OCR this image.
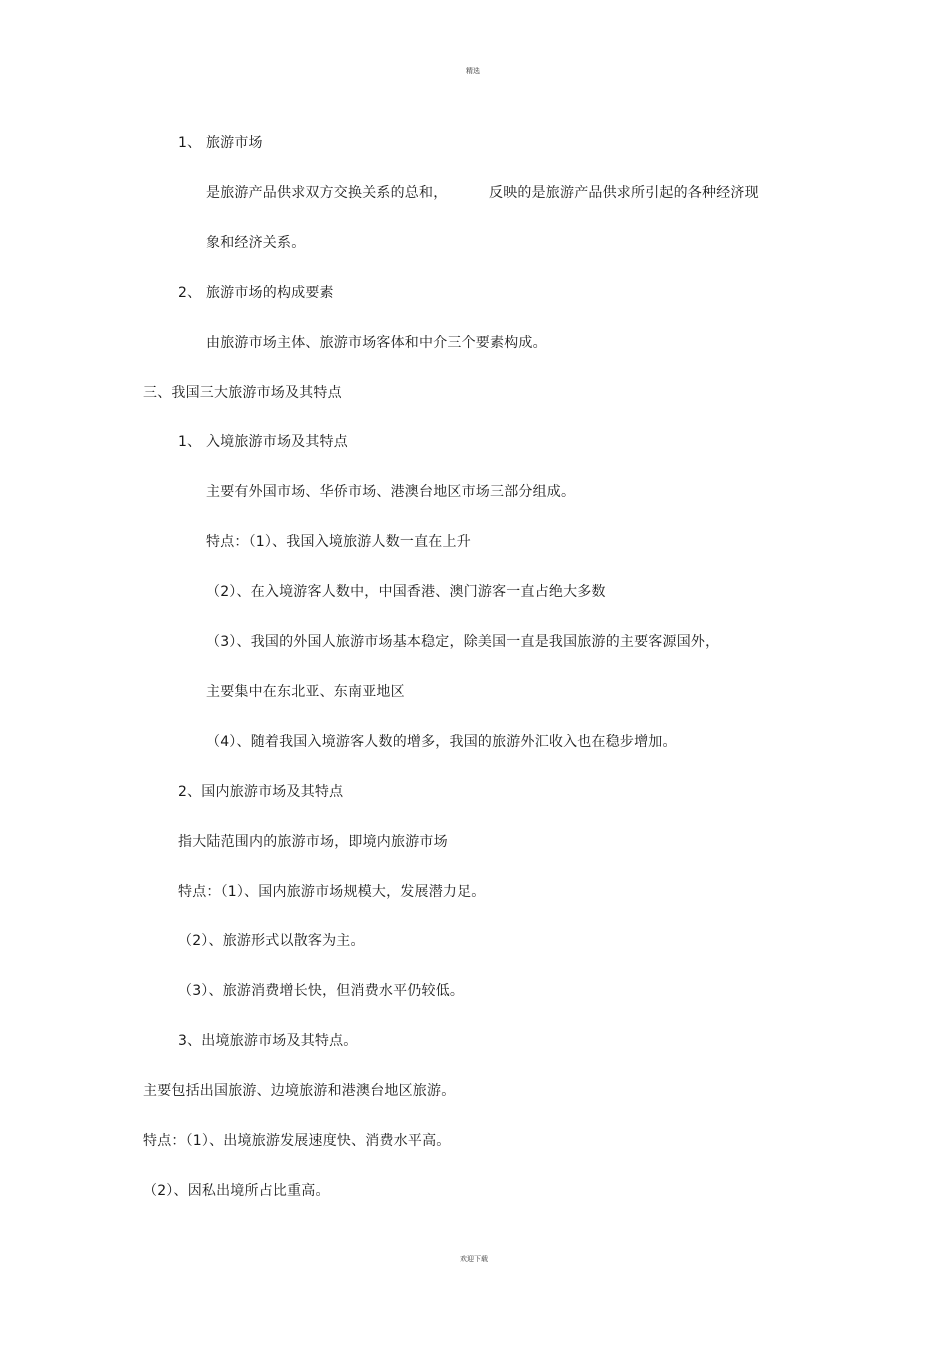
精选
1、 旅游市场
是旅游产品供求双方交换关系的总和，	反映的是旅游产品供求所引起的各种经济现
象和经济关系。
2、 旅游市场的构成要素
由旅游市场主体、旅游市场客体和中介三个要素构成。
三、我国三大旅游市场及其特点
1、 入境旅游市场及其特点
主要有外国市场、华侨市场、港澳台地区市场三部分组成。
特点：（1）、我国入境旅游人数一直在上升
（2）、在入境游客人数中，中国香港、澳门游客一直占绝大多数
（3）、我国的外国人旅游市场基本稳定，除美国一直是我国旅游的主要客源国外，
主要集中在东北亚、东南亚地区
（4）、随着我国入境游客人数的增多，我国的旅游外汇收入也在稳步增加。
2、国内旅游市场及其特点
指大陆范围内的旅游市场，即境内旅游市场
特点：（1）、国内旅游市场规模大，发展潜力足。
（2）、旅游形式以散客为主。
（3）、旅游消费增长快，但消费水平仍较低。
3、出境旅游市场及其特点。
主要包括出国旅游、边境旅游和港澳台地区旅游。
特点：（1）、出境旅游发展速度快、消费水平高。
（2）、因私出境所占比重高。
欢迎下载
